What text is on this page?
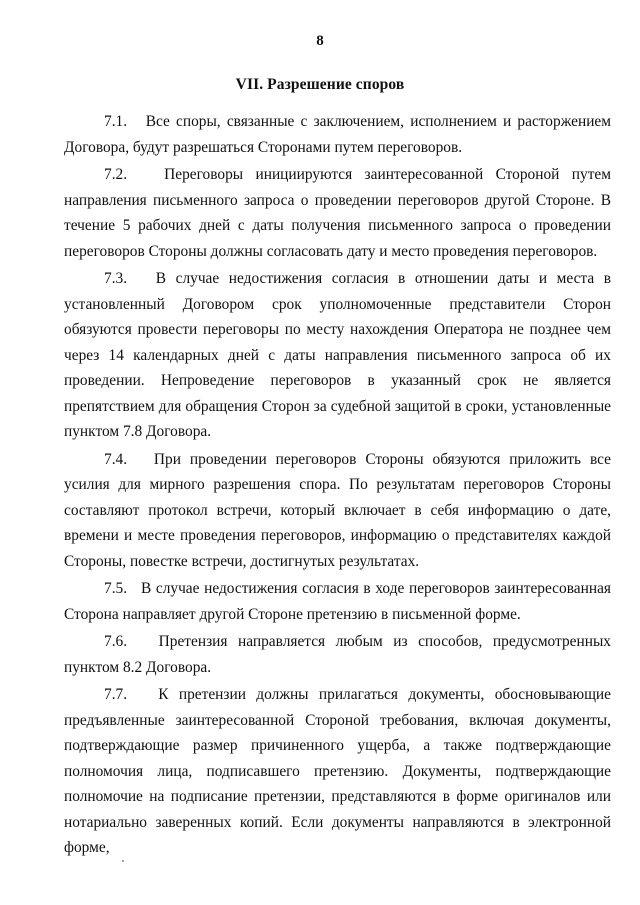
8
VII. Разрешение споров

7.1. Все споры, связанные с заключением, исполнением и расторжением Договора, будут разрешаться Сторонами путем переговоров.

7.2. Переговоры инициируются заинтересованной Стороной путем направления письменного запроса о проведении переговоров другой Стороне. В течение 5 рабочих дней с даты получения письменного запроса о проведении переговоров Стороны должны согласовать дату и место проведения переговоров.

7.3. В случае недостижения согласия в отношении даты и места в установленный Договором срок уполномоченные представители Сторон обязуются провести переговоры по месту нахождения Оператора не позднее чем через 14 календарных дней с даты направления письменного запроса об их проведении. Непроведение переговоров в указанный срок не является препятствием для обращения Сторон за судебной защитой в сроки, установленные пунктом 7.8 Договора.

7.4. При проведении переговоров Стороны обязуются приложить все усилия для мирного разрешения спора. По результатам переговоров Стороны составляют протокол встречи, который включает в себя информацию о дате, времени и месте проведения переговоров, информацию о представителях каждой Стороны, повестке встречи, достигнутых результатах.

7.5. В случае недостижения согласия в ходе переговоров заинтересованная Сторона направляет другой Стороне претензию в письменной форме.

7.6. Претензия направляется любым из способов, предусмотренных пунктом 8.2 Договора.

7.7. К претензии должны прилагаться документы, обосновывающие предъявленные заинтересованной Стороной требования, включая документы, подтверждающие размер причиненного ущерба, а также подтверждающие полномочия лица, подписавшего претензию. Документы, подтверждающие полномочие на подписание претензии, представляются в форме оригиналов или нотариально заверенных копий. Если документы направляются в электронной форме,
